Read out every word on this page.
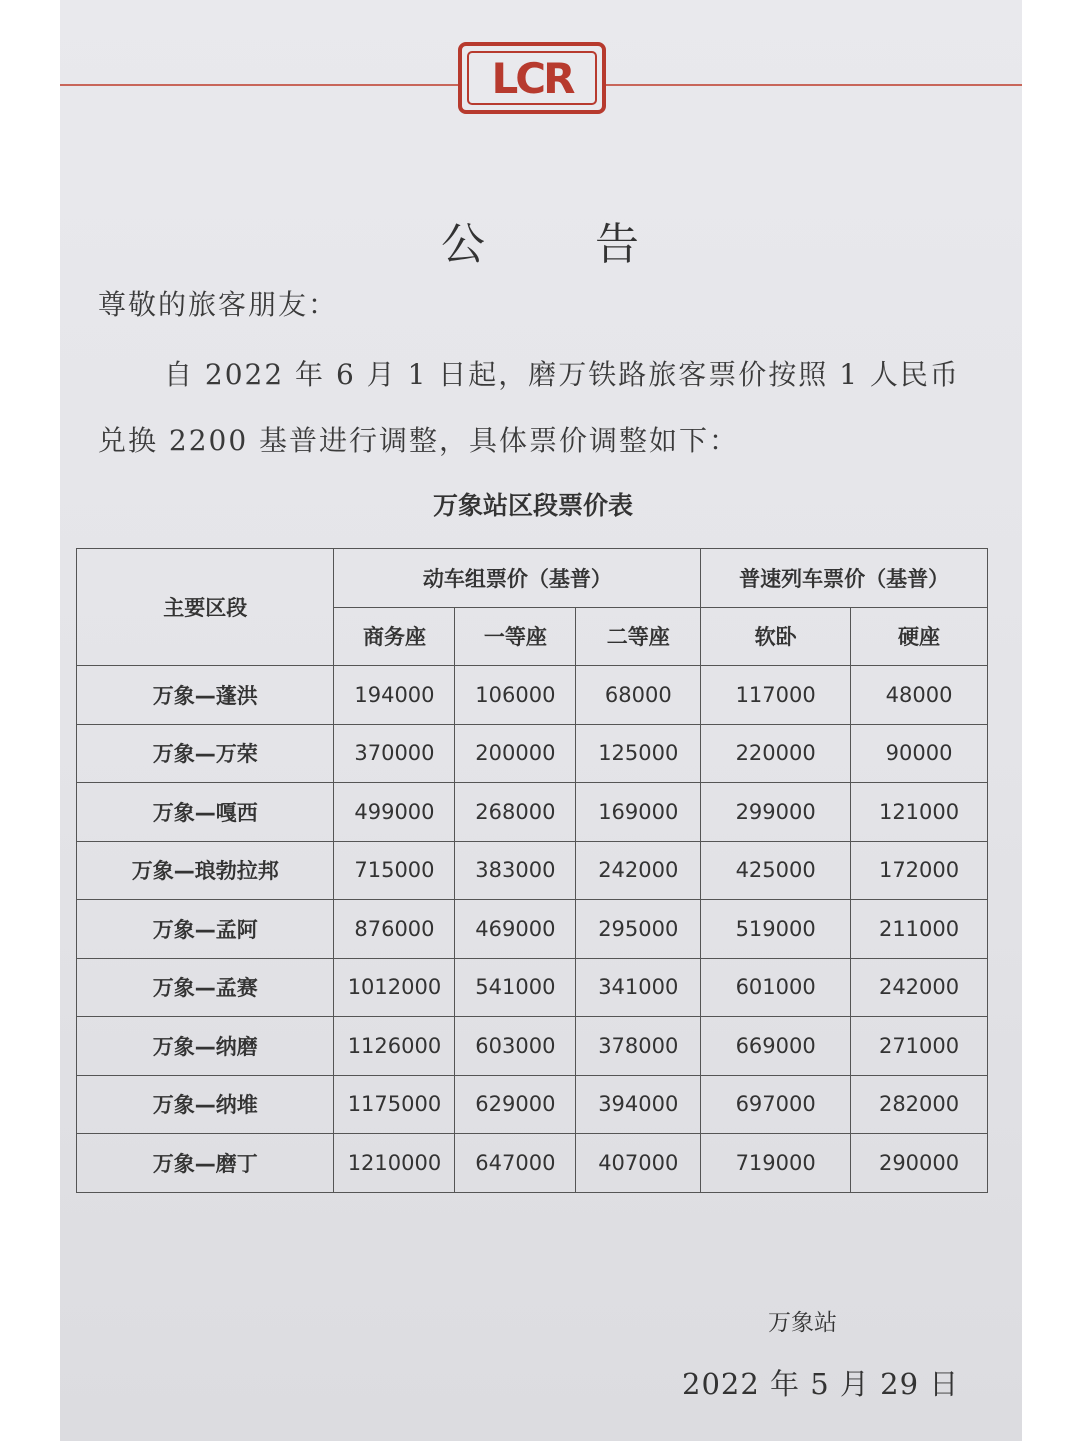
LCR
公 告
尊敬的旅客朋友：
自 2022 年 6 月 1 日起，磨万铁路旅客票价按照 1 人民币
兑换 2200 基普进行调整，具体票价调整如下：
万象站区段票价表
主要区段	动车组票价（基普）			普速列车票价（基普）	
	商务座	一等座	二等座	软卧	硬座
万象—蓬洪	194000	106000	68000	117000	48000
万象—万荣	370000	200000	125000	220000	90000
万象—嘎西	499000	268000	169000	299000	121000
万象—琅勃拉邦	715000	383000	242000	425000	172000
万象—孟阿	876000	469000	295000	519000	211000
万象—孟赛	1012000	541000	341000	601000	242000
万象—纳磨	1126000	603000	378000	669000	271000
万象—纳堆	1175000	629000	394000	697000	282000
万象—磨丁	1210000	647000	407000	719000	290000
万象站
2022 年 5 月 29 日
